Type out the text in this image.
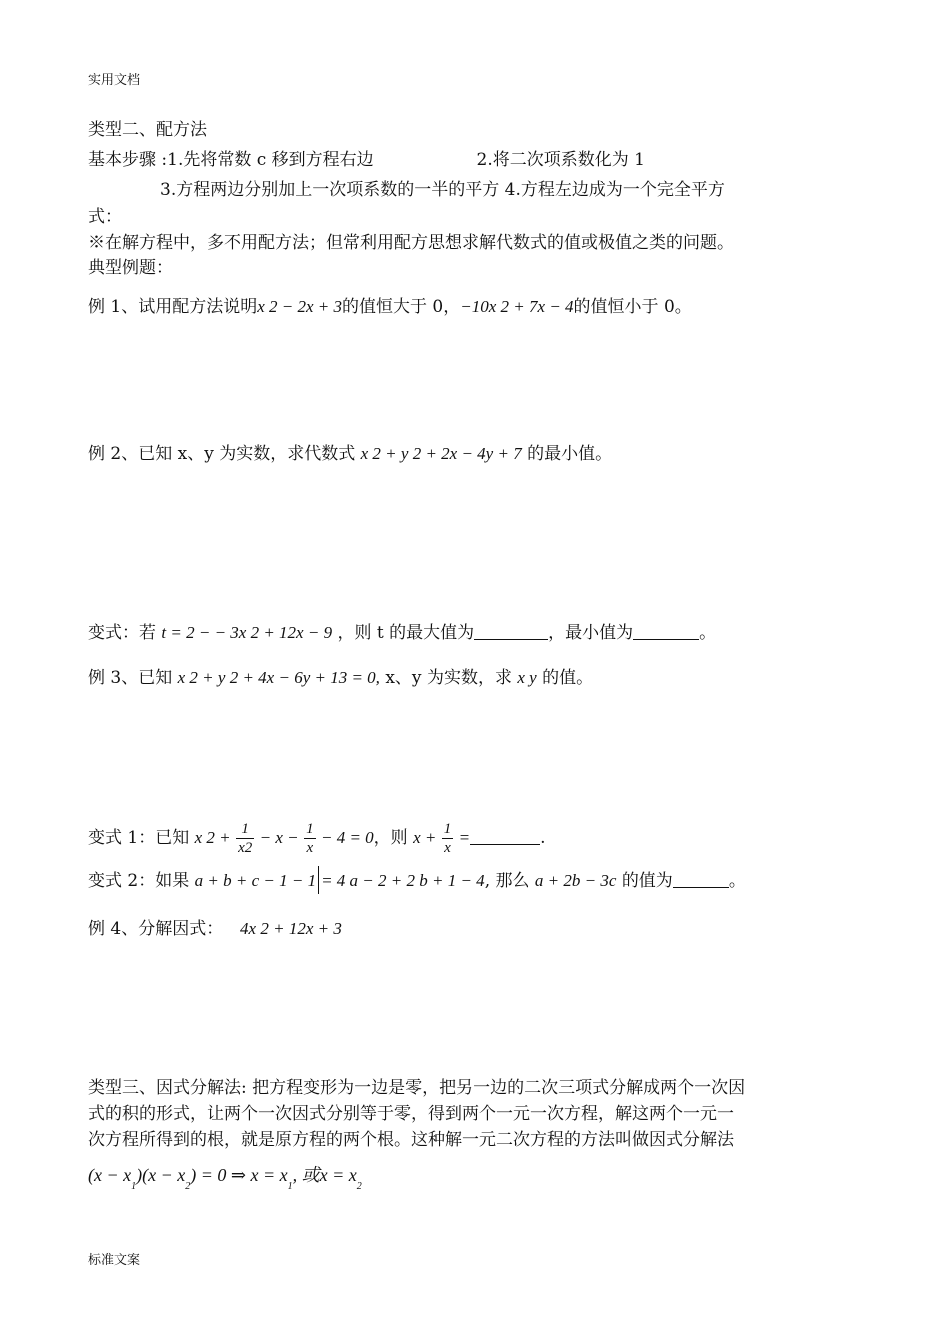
实用文档
类型二、配方法
基本步骤 :1.先将常数 c 移到方程右边	2.将二次项系数化为 1
3.方程两边分别加上一次项系数的一半的平方 4.方程左边成为一个完全平方
式：
※在解方程中，多不用配方法；但常利用配方思想求解代数式的值或极值之类的问题。
典型例题：
例 1、试用配方法说明x 2 − 2x + 3的值恒大于 0，−10x 2 + 7x − 4的值恒小于 0。
例 2、已知 x、y 为实数，求代数式 x 2 + y 2 + 2x − 4y + 7 的最小值。
变式：若 t = 2 − − 3x 2 + 12x − 9 ，则 t 的最大值为	，最小值为	。
例 3、已知 x 2 + y 2 + 4x − 6y + 13 = 0, x、y 为实数，求 x y 的值。
变式 1：已知 x $2 + \frac{1}{x2} - x - \frac{1}{x} - 4 = 0$，则 $x + \frac{1}{x}$ =	.
变式 2：如果 a + b + c − 1 − 1 = 4 a − 2 + 2 b + 1 − 4, 那么 a + 2b − 3c 的值为	。
例 4、分解因式： 4x 2 + 12x + 3
类型三、因式分解法: 把方程变形为一边是零，把另一边的二次三项式分解成两个一次因
式的积的形式，让两个一次因式分别等于零，得到两个一元一次方程，解这两个一元一
次方程所得到的根，就是原方程的两个根。这种解一元二次方程的方法叫做因式分解法
$(x - x_1)(x - x_2) = 0$ ⇒ $x = x_1$, 或$x = x_2$
标准文案
